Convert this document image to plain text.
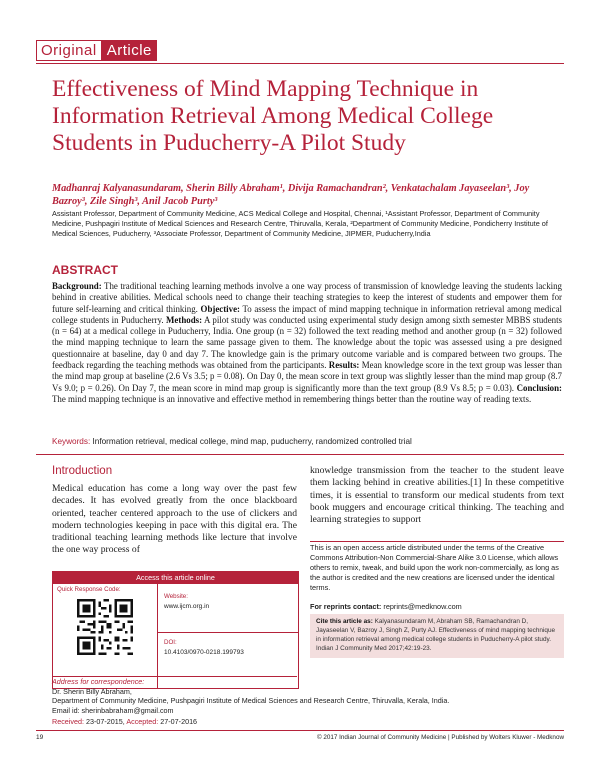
Original Article
Effectiveness of Mind Mapping Technique in Information Retrieval Among Medical College Students in Puducherry-A Pilot Study
Madhanraj Kalyanasundaram, Sherin Billy Abraham¹, Divija Ramachandran², Venkatachalam Jayaseelan³, Joy Bazroy³, Zile Singh³, Anil Jacob Purty³
Assistant Professor, Department of Community Medicine, ACS Medical College and Hospital, Chennai, ¹Assistant Professor, Department of Community Medicine, Pushpagiri Institute of Medical Sciences and Research Centre, Thiruvalla, Kerala, ²Department of Community Medicine, Pondicherry Institute of Medical Sciences, Puducherry, ³Associate Professor, Department of Community Medicine, JIPMER, Puducherry,India
ABSTRACT
Background: The traditional teaching learning methods involve a one way process of transmission of knowledge leaving the students lacking behind in creative abilities. Medical schools need to change their teaching strategies to keep the interest of students and empower them for future self-learning and critical thinking. Objective: To assess the impact of mind mapping technique in information retrieval among medical college students in Puducherry. Methods: A pilot study was conducted using experimental study design among sixth semester MBBS students (n = 64) at a medical college in Puducherry, India. One group (n = 32) followed the text reading method and another group (n = 32) followed the mind mapping technique to learn the same passage given to them. The knowledge about the topic was assessed using a pre designed questionnaire at baseline, day 0 and day 7. The knowledge gain is the primary outcome variable and is compared between two groups. The feedback regarding the teaching methods was obtained from the participants. Results: Mean knowledge score in the text group was lesser than the mind map group at baseline (2.6 Vs 3.5; p = 0.08). On Day 0, the mean score in text group was slightly lesser than the mind map group (8.7 Vs 9.0; p = 0.26). On Day 7, the mean score in mind map group is significantly more than the text group (8.9 Vs 8.5; p = 0.03). Conclusion: The mind mapping technique is an innovative and effective method in remembering things better than the routine way of reading texts.
Keywords: Information retrieval, medical college, mind map, puducherry, randomized controlled trial
Introduction
Medical education has come a long way over the past few decades. It has evolved greatly from the once blackboard oriented, teacher centered approach to the use of clickers and modern technologies keeping in pace with this digital era. The traditional teaching learning methods like lecture that involve the one way process of
knowledge transmission from the teacher to the student leave them lacking behind in creative abilities.[1] In these competitive times, it is essential to transform our medical students from text book muggers and encourage critical thinking. The teaching and learning strategies to support
Access this article online
Quick Response Code:
Website:
www.ijcm.org.in
DOI:
10.4103/0970-0218.199793
This is an open access article distributed under the terms of the Creative Commons Attribution-Non Commercial-Share Alike 3.0 License, which allows others to remix, tweak, and build upon the work non-commercially, as long as the author is credited and the new creations are licensed under the identical terms.
For reprints contact: reprints@medknow.com
Cite this article as: Kalyanasundaram M, Abraham SB, Ramachandran D, Jayaseelan V, Bazroy J, Singh Z, Purty AJ. Effectiveness of mind mapping technique in information retrieval among medical college students in Puducherry-A pilot study. Indian J Community Med 2017;42:19-23.
Address for correspondence:
Dr. Sherin Billy Abraham,
Department of Community Medicine, Pushpagiri Institute of Medical Sciences and Research Centre, Thiruvalla, Kerala, India.
Email id: sherinbabraham@gmail.com
Received: 23-07-2015, Accepted: 27-07-2016
19	© 2017 Indian Journal of Community Medicine | Published by Wolters Kluwer - Medknow
